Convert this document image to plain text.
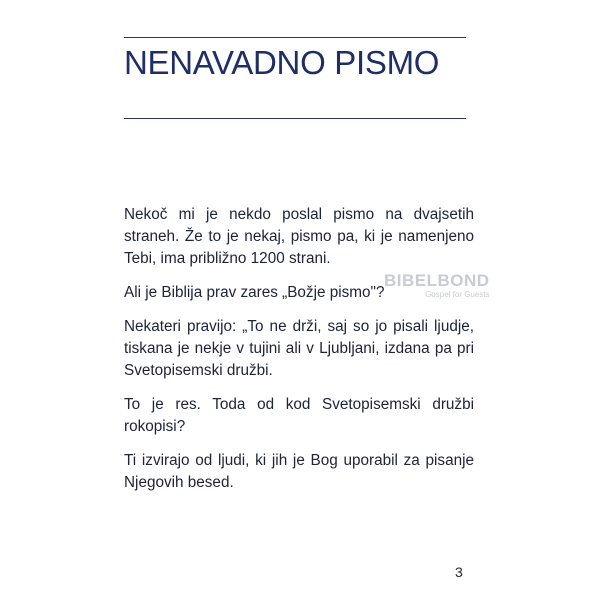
NENAVADNO PISMO

Nekoč mi je nekdo poslal pismo na dvajsetih straneh. Že to je nekaj, pismo pa, ki je namenjeno Tebi, ima približno 1200 strani.

Ali je Biblija prav zares „Božje pismo"?

Nekateri pravijo: „To ne drži, saj so jo pisali ljudje, tiskana je nekje v tujini ali v Ljubljani, izdana pa pri Svetopisemski družbi.

To je res. Toda od kod Svetopisemski družbi rokopisi?

Ti izvirajo od ljudi, ki jih je Bog uporabil za pisanje Njegovih besed.

BIBELBOND
Gospel for Guests
3
